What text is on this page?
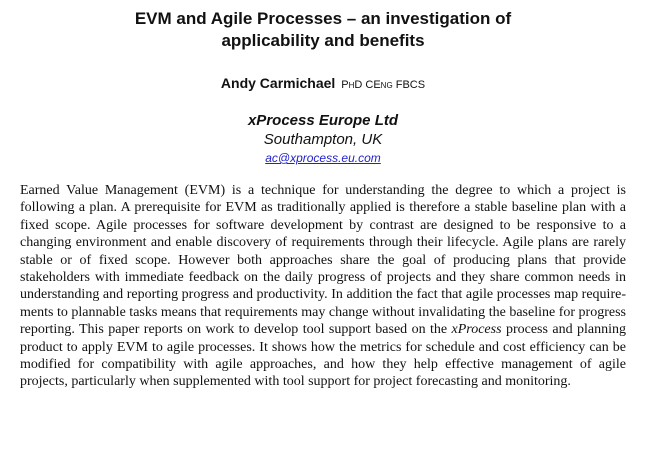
EVM and Agile Processes – an investigation of
applicability and benefits
Andy Carmichael PhD CEng FBCS
xProcess Europe Ltd
Southampton, UK
ac@xprocess.eu.com

Earned Value Management (EVM) is a technique for understanding the degree to which a project is following a plan. A prerequisite for EVM as traditionally applied is therefore a stable baseline plan with a fixed scope. Agile processes for software development by contrast are designed to be responsive to a changing environment and enable discovery of requirements through their lifecycle. Agile plans are rarely stable or of fixed scope. However both approaches share the goal of producing plans that provide stakeholders with immediate feedback on the daily progress of projects and they share common needs in understanding and reporting progress and productivity. In addition the fact that agile processes map requirements to plannable tasks means that requirements may change without invalidating the baseline for progress reporting. This paper reports on work to develop tool support based on the xProcess process and planning product to apply EVM to agile processes. It shows how the metrics for schedule and cost efficiency can be modified for compatibility with agile approaches, and how they help effective management of agile projects, particularly when supplemented with tool support for project forecasting and monitoring.
